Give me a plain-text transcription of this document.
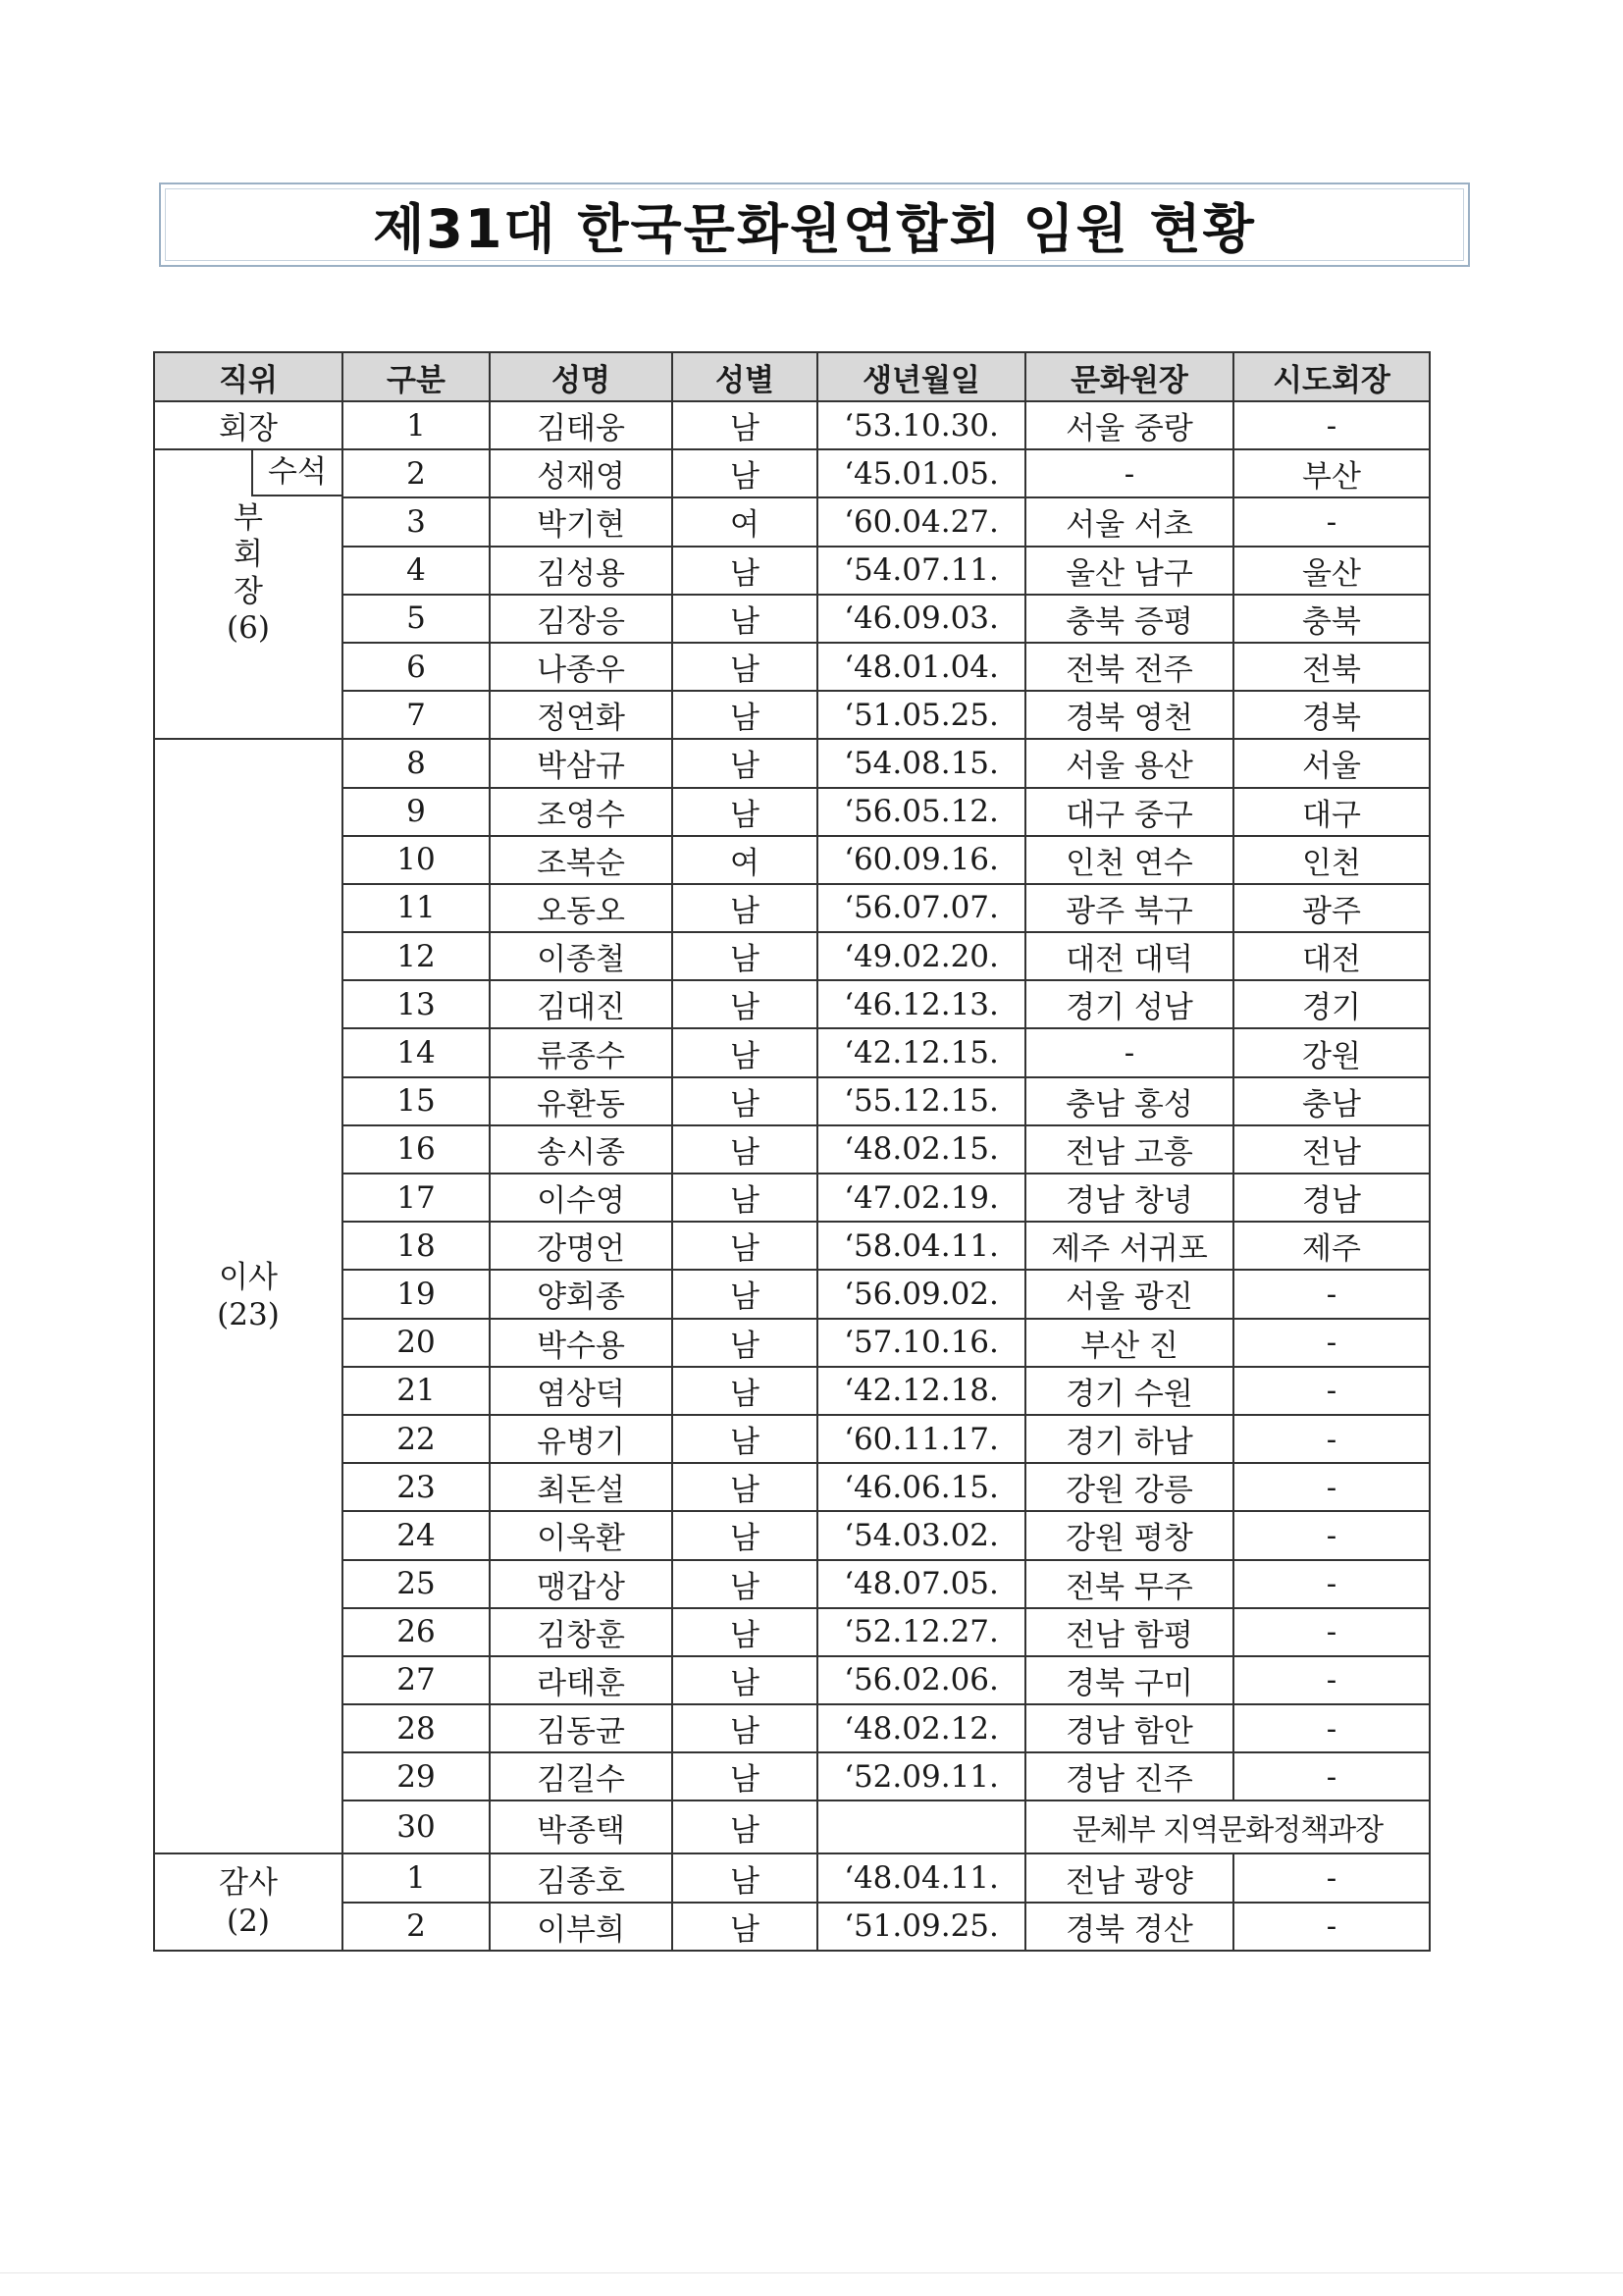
제31대 한국문화원연합회 임원 현황
직위	구분	성명	성별	생년월일	문화원장	시도회장
회장	1	김태웅	남	‘53.10.30.	서울 중랑	-

수석
부
회
장
(6)	2	성재영	남	‘45.01.05.	-	부산
	3	박기현	여	‘60.04.27.	서울 서초	-
	4	김성용	남	‘54.07.11.	울산 남구	울산
	5	김장응	남	‘46.09.03.	충북 증평	충북
	6	나종우	남	‘48.01.04.	전북 전주	전북
	7	정연화	남	‘51.05.25.	경북 영천	경북

이사
(23)	8	박삼규	남	‘54.08.15.	서울 용산	서울
	9	조영수	남	‘56.05.12.	대구 중구	대구
	10	조복순	여	‘60.09.16.	인천 연수	인천
	11	오동오	남	‘56.07.07.	광주 북구	광주
	12	이종철	남	‘49.02.20.	대전 대덕	대전
	13	김대진	남	‘46.12.13.	경기 성남	경기
	14	류종수	남	‘42.12.15.	-	강원
	15	유환동	남	‘55.12.15.	충남 홍성	충남
	16	송시종	남	‘48.02.15.	전남 고흥	전남
	17	이수영	남	‘47.02.19.	경남 창녕	경남
	18	강명언	남	‘58.04.11.	제주 서귀포	제주
	19	양회종	남	‘56.09.02.	서울 광진	-
	20	박수용	남	‘57.10.16.	부산 진	-
	21	염상덕	남	‘42.12.18.	경기 수원	-
	22	유병기	남	‘60.11.17.	경기 하남	-
	23	최돈설	남	‘46.06.15.	강원 강릉	-
	24	이욱환	남	‘54.03.02.	강원 평창	-
	25	맹갑상	남	‘48.07.05.	전북 무주	-
	26	김창훈	남	‘52.12.27.	전남 함평	-
	27	라태훈	남	‘56.02.06.	경북 구미	-
	28	김동균	남	‘48.02.12.	경남 함안	-
	29	김길수	남	‘52.09.11.	경남 진주	-
	30	박종택	남		문체부 지역문화정책과장	

감사
(2)	1	김종호	남	‘48.04.11.	전남 광양	-
	2	이부희	남	‘51.09.25.	경북 경산	-
